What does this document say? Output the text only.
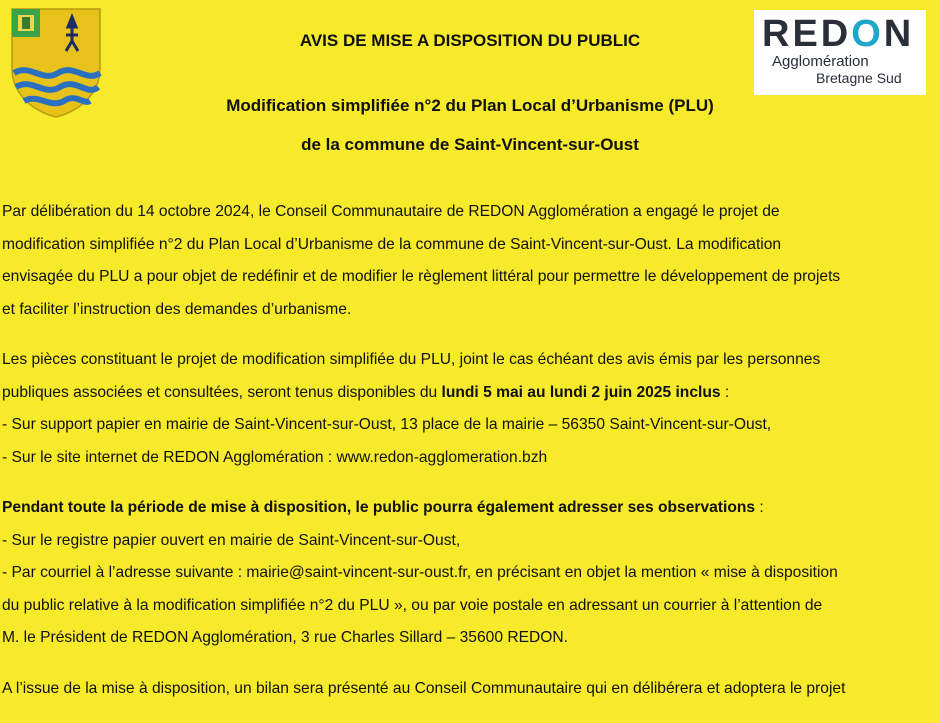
REDON
Agglomération
Bretagne Sud
AVIS DE MISE A DISPOSITION DU PUBLIC
Modification simplifiée n°2 du Plan Local d’Urbanisme (PLU)
de la commune de Saint-Vincent-sur-Oust

Par délibération du 14 octobre 2024, le Conseil Communautaire de REDON Agglomération a engagé le projet de
modification simplifiée n°2 du Plan Local d’Urbanisme de la commune de Saint-Vincent-sur-Oust. La modification
envisagée du PLU a pour objet de redéfinir et de modifier le règlement littéral pour permettre le développement de projets
et faciliter l’instruction des demandes d’urbanisme.

Les pièces constituant le projet de modification simplifiée du PLU, joint le cas échéant des avis émis par les personnes
publiques associées et consultées, seront tenus disponibles du lundi 5 mai au lundi 2 juin 2025 inclus :
- Sur support papier en mairie de Saint-Vincent-sur-Oust, 13 place de la mairie – 56350 Saint-Vincent-sur-Oust,
- Sur le site internet de REDON Agglomération : www.redon-agglomeration.bzh

Pendant toute la période de mise à disposition, le public pourra également adresser ses observations :
- Sur le registre papier ouvert en mairie de Saint-Vincent-sur-Oust,
- Par courriel à l’adresse suivante : mairie@saint-vincent-sur-oust.fr, en précisant en objet la mention « mise à disposition
du public relative à la modification simplifiée n°2 du PLU », ou par voie postale en adressant un courrier à l’attention de
M. le Président de REDON Agglomération, 3 rue Charles Sillard – 35600 REDON.

A l’issue de la mise à disposition, un bilan sera présenté au Conseil Communautaire qui en délibérera et adoptera le projet
